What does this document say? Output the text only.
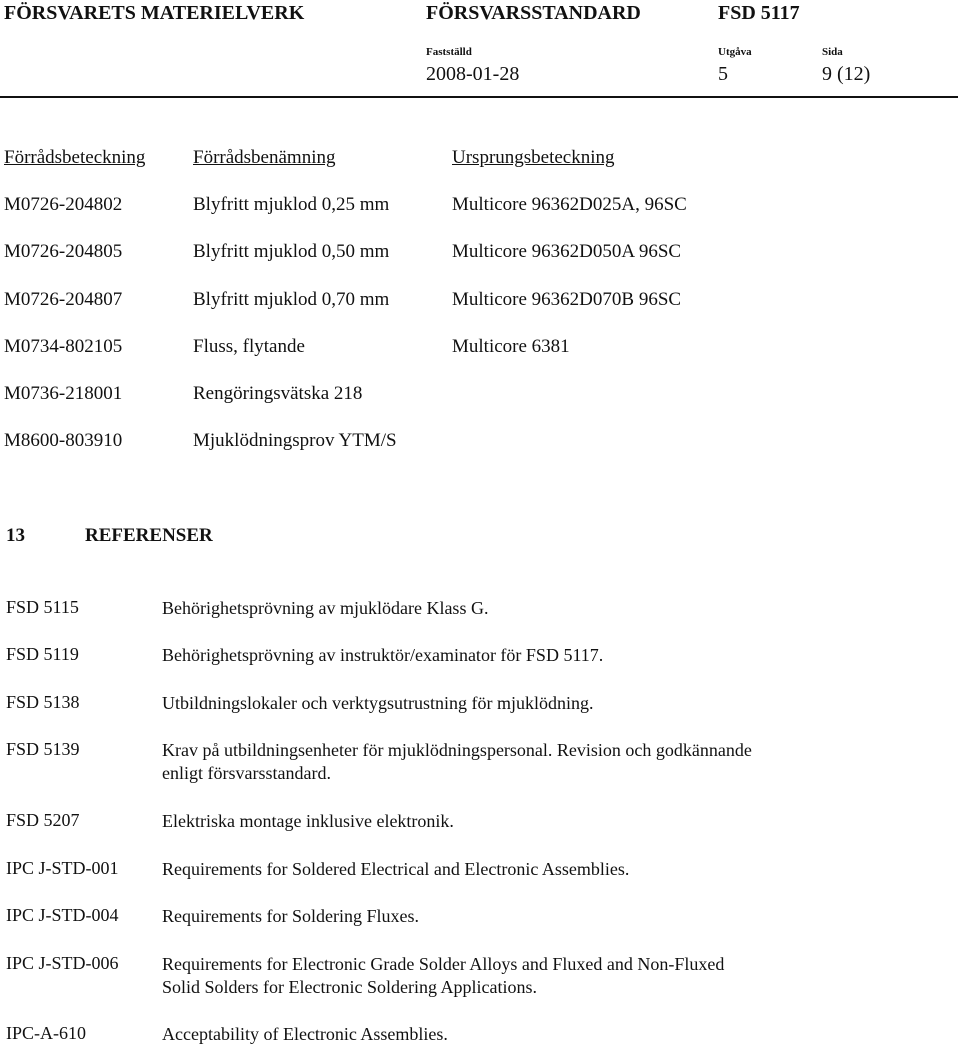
FÖRSVARETS MATERIELVERK	FÖRSVARSSTANDARD	FSD 5117
Fastställd	Utgåva	Sida
2008-01-28	5	9 (12)
Förrådsbeteckning	Förrådsbenämning	Ursprungsbeteckning
M0726-204802	Blyfritt mjuklod 0,25 mm	Multicore 96362D025A, 96SC
M0726-204805	Blyfritt mjuklod 0,50 mm	Multicore 96362D050A 96SC
M0726-204807	Blyfritt mjuklod 0,70 mm	Multicore 96362D070B 96SC
M0734-802105	Fluss, flytande	Multicore 6381
M0736-218001	Rengöringsvätska 218
M8600-803910	Mjuklödningsprov YTM/S
13	REFERENSER
FSD 5115	Behörighetsprövning av mjuklödare Klass G.
FSD 5119	Behörighetsprövning av instruktör/examinator för FSD 5117.
FSD 5138	Utbildningslokaler och verktygsutrustning för mjuklödning.
FSD 5139	Krav på utbildningsenheter för mjuklödningspersonal. Revision och godkännande enligt försvarsstandard.
FSD 5207	Elektriska montage inklusive elektronik.
IPC J-STD-001 Requirements for Soldered Electrical and Electronic Assemblies.
IPC J-STD-004 Requirements for Soldering Fluxes.
IPC J-STD-006 Requirements for Electronic Grade Solder Alloys and Fluxed and Non-Fluxed Solid Solders for Electronic Soldering Applications.
IPC-A-610	Acceptability of Electronic Assemblies.
